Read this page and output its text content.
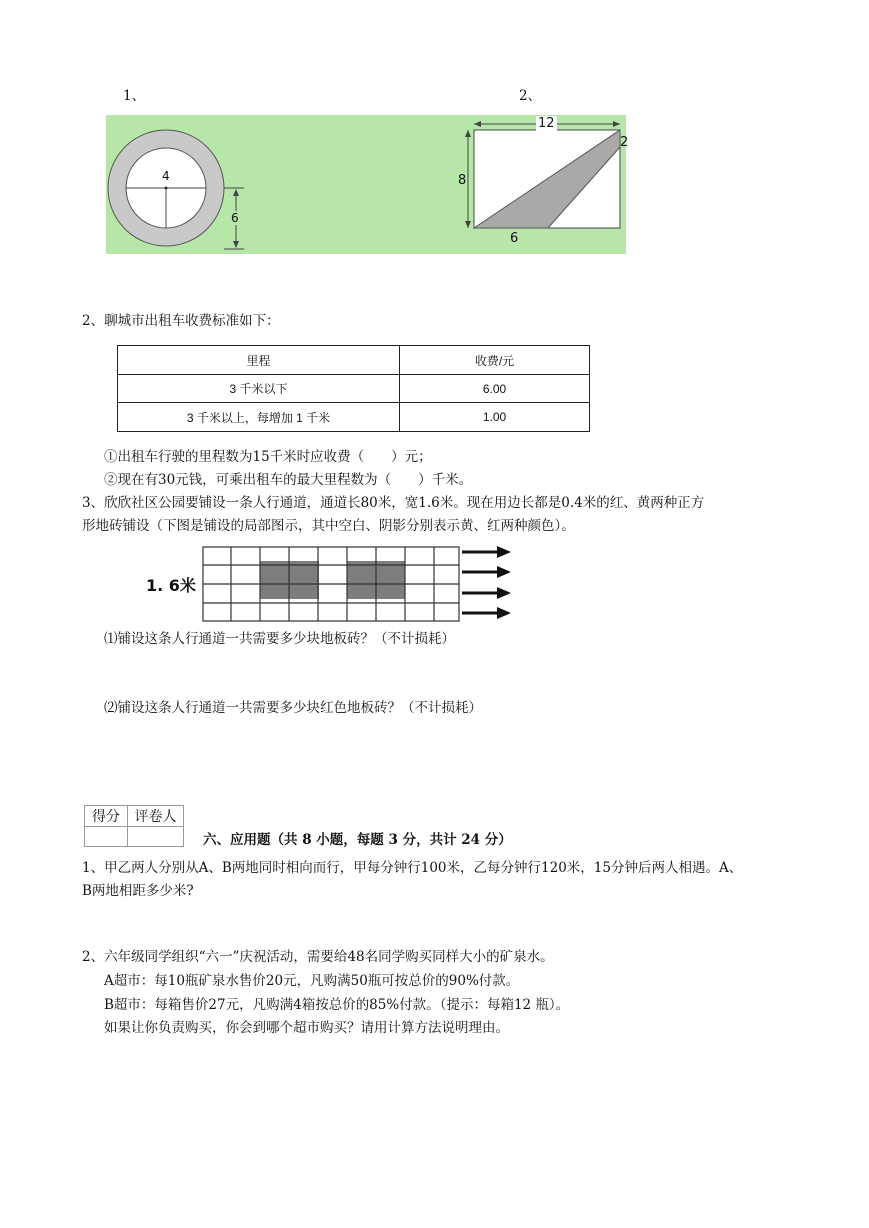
1、	2、
4
6
12
8
6
2
2、聊城市出租车收费标准如下：
里程	收费/元
3 千米以下	6.00
3 千米以上，每增加 1 千米	1.00
①出租车行驶的里程数为15千米时应收费（　　）元；
②现在有30元钱，可乘出租车的最大里程数为（　　）千米。
3、欣欣社区公园要铺设一条人行通道，通道长80米，宽1.6米。现在用边长都是0.4米的红、黄两种正方
形地砖铺设（下图是铺设的局部图示，其中空白、阴影分别表示黄、红两种颜色）。
1. 6米
⑴铺设这条人行通道一共需要多少块地板砖？（不计损耗）
⑵铺设这条人行通道一共需要多少块红色地板砖？（不计损耗）
得分	评卷人

六、应用题（共 8 小题，每题 3 分，共计 24 分）
1、甲乙两人分别从A、B两地同时相向而行，甲每分钟行100米，乙每分钟行120米，15分钟后两人相遇。A、
B两地相距多少米?
2、六年级同学组织“六一”庆祝活动，需要给48名同学购买同样大小的矿泉水。
A超市：每10瓶矿泉水售价20元，凡购满50瓶可按总价的90%付款。
B超市：每箱售价27元，凡购满4箱按总价的85%付款。（提示：每箱12 瓶）。
如果让你负责购买，你会到哪个超市购买？请用计算方法说明理由。
